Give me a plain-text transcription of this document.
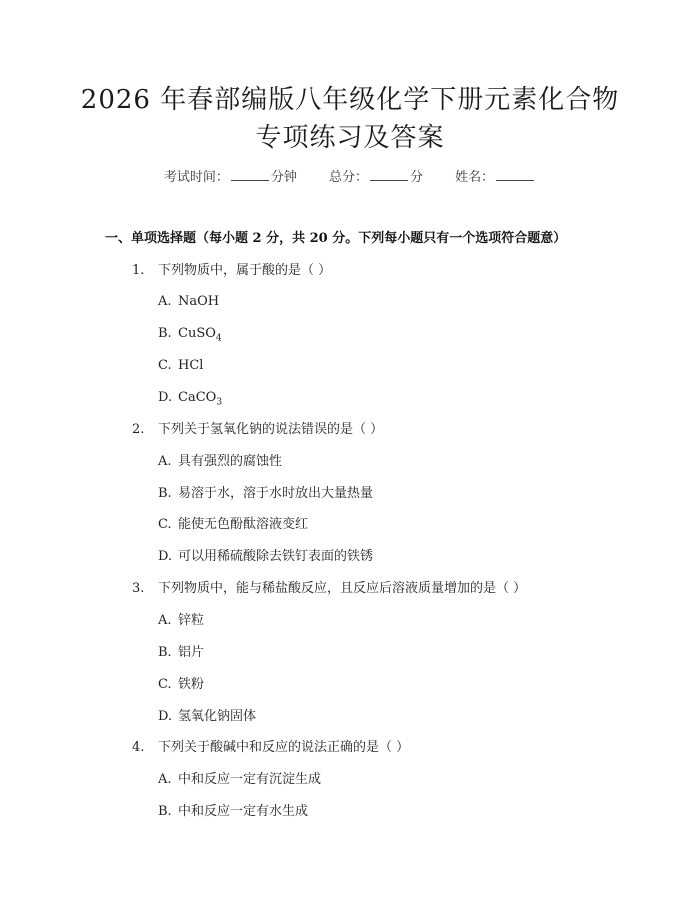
2026 年春部编版八年级化学下册元素化合物
专项练习及答案
考试时间：	分钟 总分：	分 姓名：
一、单项选择题（每小题 2 分，共 20 分。下列每小题只有一个选项符合题意）
1. 下列物质中，属于酸的是（ ）
A. NaOH
B. CuSO$_4$
C. HCl
D. CaCO$_3$
2. 下列关于氢氧化钠的说法错误的是（ ）
A. 具有强烈的腐蚀性
B. 易溶于水，溶于水时放出大量热量
C. 能使无色酚酞溶液变红
D. 可以用稀硫酸除去铁钉表面的铁锈
3. 下列物质中，能与稀盐酸反应，且反应后溶液质量增加的是（ ）
A. 锌粒
B. 铝片
C. 铁粉
D. 氢氧化钠固体
4. 下列关于酸碱中和反应的说法正确的是（ ）
A. 中和反应一定有沉淀生成
B. 中和反应一定有水生成
